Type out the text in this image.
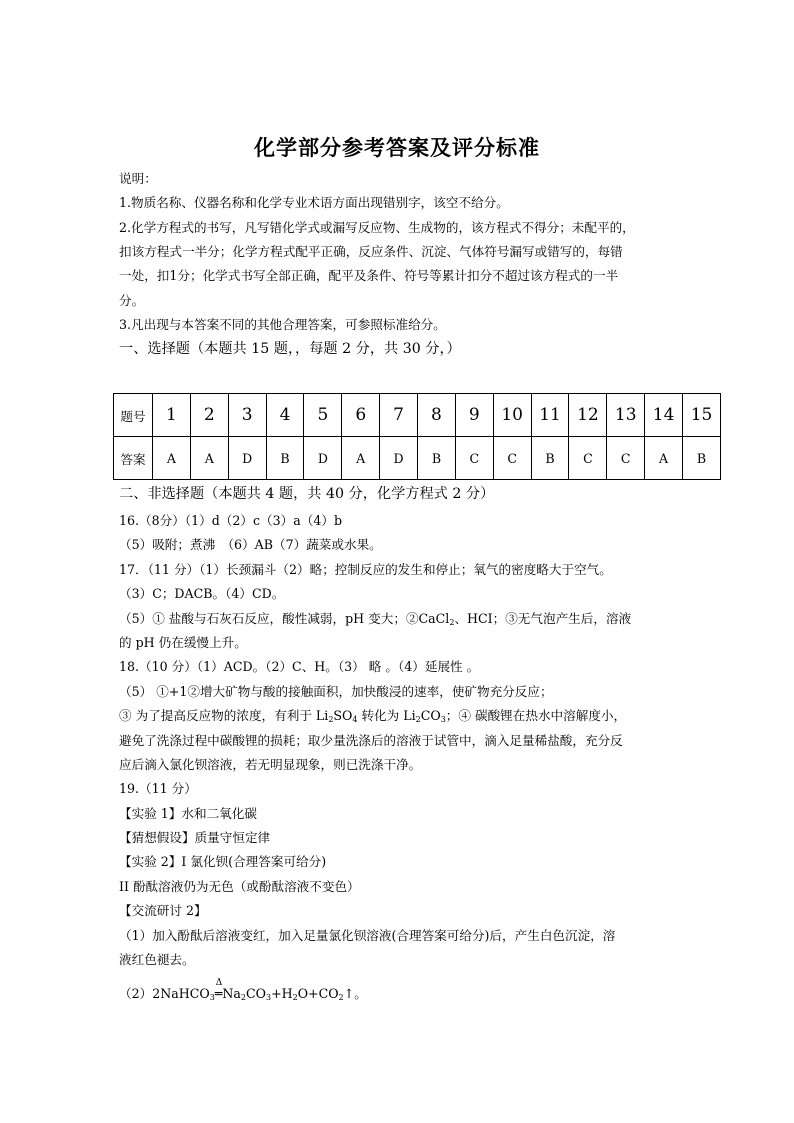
化学部分参考答案及评分标准
说明：
1.物质名称、仪器名称和化学专业术语方面出现错别字，该空不给分。
2.化学方程式的书写，凡写错化学式或漏写反应物、生成物的，该方程式不得分；未配平的，
扣该方程式一半分；化学方程式配平正确，反应条件、沉淀、气体符号漏写或错写的，每错
一处，扣1分；化学式书写全部正确，配平及条件、符号等累计扣分不超过该方程式的一半
分。
3.凡出现与本答案不同的其他合理答案，可参照标准给分。
一、选择题（本题共 15 题，，每题 2 分，共 30 分，）
题号	1	2	3	4	5	6	7	8	9	10	11	12	13	14	15
答案	A	A	D	B	D	A	D	B	C	C	B	C	C	A	B
二、非选择题（本题共 4 题，共 40 分，化学方程式 2 分）
16.（8分）（1）d（2）c（3）a（4）b
（5）吸附；煮沸　（6）AB（7）蔬菜或水果。
17．（11 分）（1）长颈漏斗（2）略；控制反应的发生和停止；氧气的密度略大于空气。
（3）C；DACB。（4）CD。
（5）① 盐酸与石灰石反应，酸性减弱，pH 变大；②CaCl$_2$、HCI；③无气泡产生后，溶液
的 pH 仍在缓慢上升。
18.（10 分）（1）ACD。（2）C、H。（3） 略 。（4）延展性 。
（5） ①+1②增大矿物与酸的接触面积，加快酸浸的速率，使矿物充分反应；
③ 为了提高反应物的浓度，有利于 $Li_2SO_4$ 转化为 $Li_2CO_3$；④ 碳酸锂在热水中溶解度小，
避免了洗涤过程中碳酸锂的损耗；取少量洗涤后的溶液于试管中，滴入足量稀盐酸，充分反
应后滴入氯化钡溶液，若无明显现象，则已洗涤干净。
19.（11 分）
【实验 1】水和二氧化碳
【猜想假设】质量守恒定律
【实验 2】I 氯化钡(合理答案可给分)
II 酚酞溶液仍为无色（或酚酞溶液不变色）
【交流研讨 2】
（1）加入酚酞后溶液变红，加入足量氯化钡溶液(合理答案可给分)后，产生白色沉淀，溶
液红色褪去。
（2）2NaHCO$_3$
Δ
$═Na_2CO_3+H_2O+CO_2↑$。
